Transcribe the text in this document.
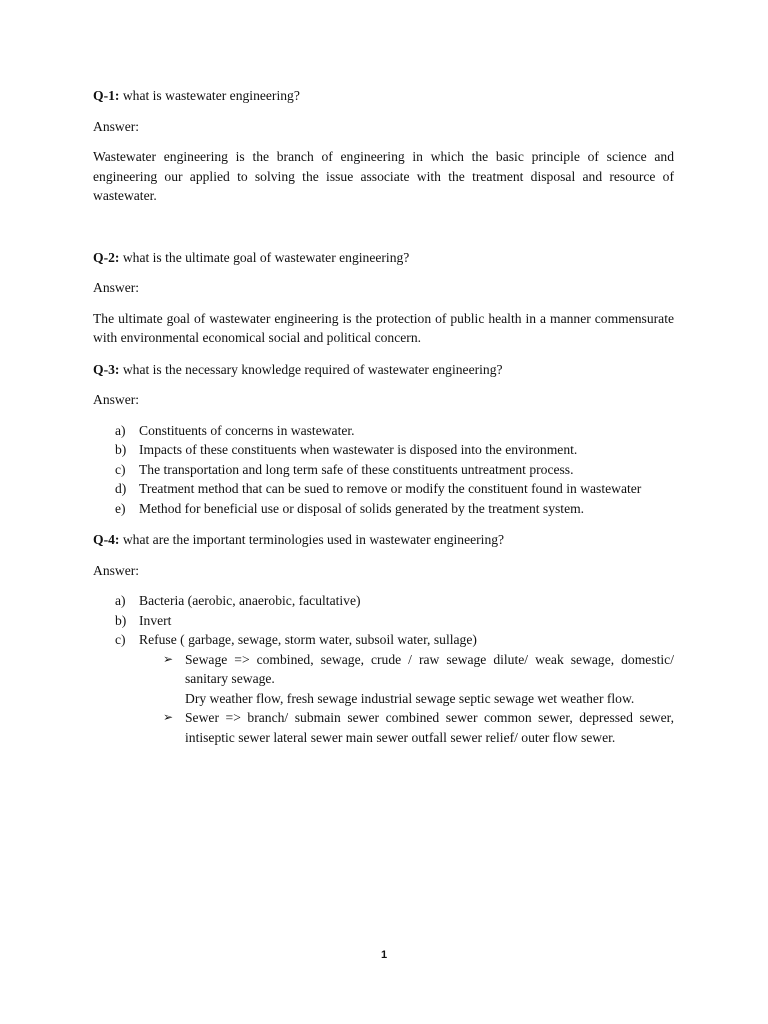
Q-1: what is wastewater engineering?

Answer:

Wastewater engineering is the branch of engineering in which the basic principle of science and engineering our applied to solving the issue associate with the treatment disposal and resource of wastewater.

Q-2: what is the ultimate goal of wastewater engineering?

Answer:

The ultimate goal of wastewater engineering is the protection of public health in a manner commensurate with environmental economical social and political concern.

Q-3: what is the necessary knowledge required of wastewater engineering?

Answer:

a) Constituents of concerns in wastewater.
b) Impacts of these constituents when wastewater is disposed into the environment.
c) The transportation and long term safe of these constituents untreatment process.
d) Treatment method that can be sued to remove or modify the constituent found in wastewater
e) Method for beneficial use or disposal of solids generated by the treatment system.

Q-4: what are the important terminologies used in wastewater engineering?

Answer:

a) Bacteria (aerobic, anaerobic, facultative)
b) Invert
c) Refuse ( garbage, sewage, storm water, subsoil water, sullage)
➢ Sewage => combined, sewage, crude / raw sewage dilute/ weak sewage, domestic/ sanitary sewage.
Dry weather flow, fresh sewage industrial sewage septic sewage wet weather flow.
➢ Sewer => branch/ submain sewer combined sewer common sewer, depressed sewer, intiseptic sewer lateral sewer main sewer outfall sewer relief/ outer flow sewer.
1
